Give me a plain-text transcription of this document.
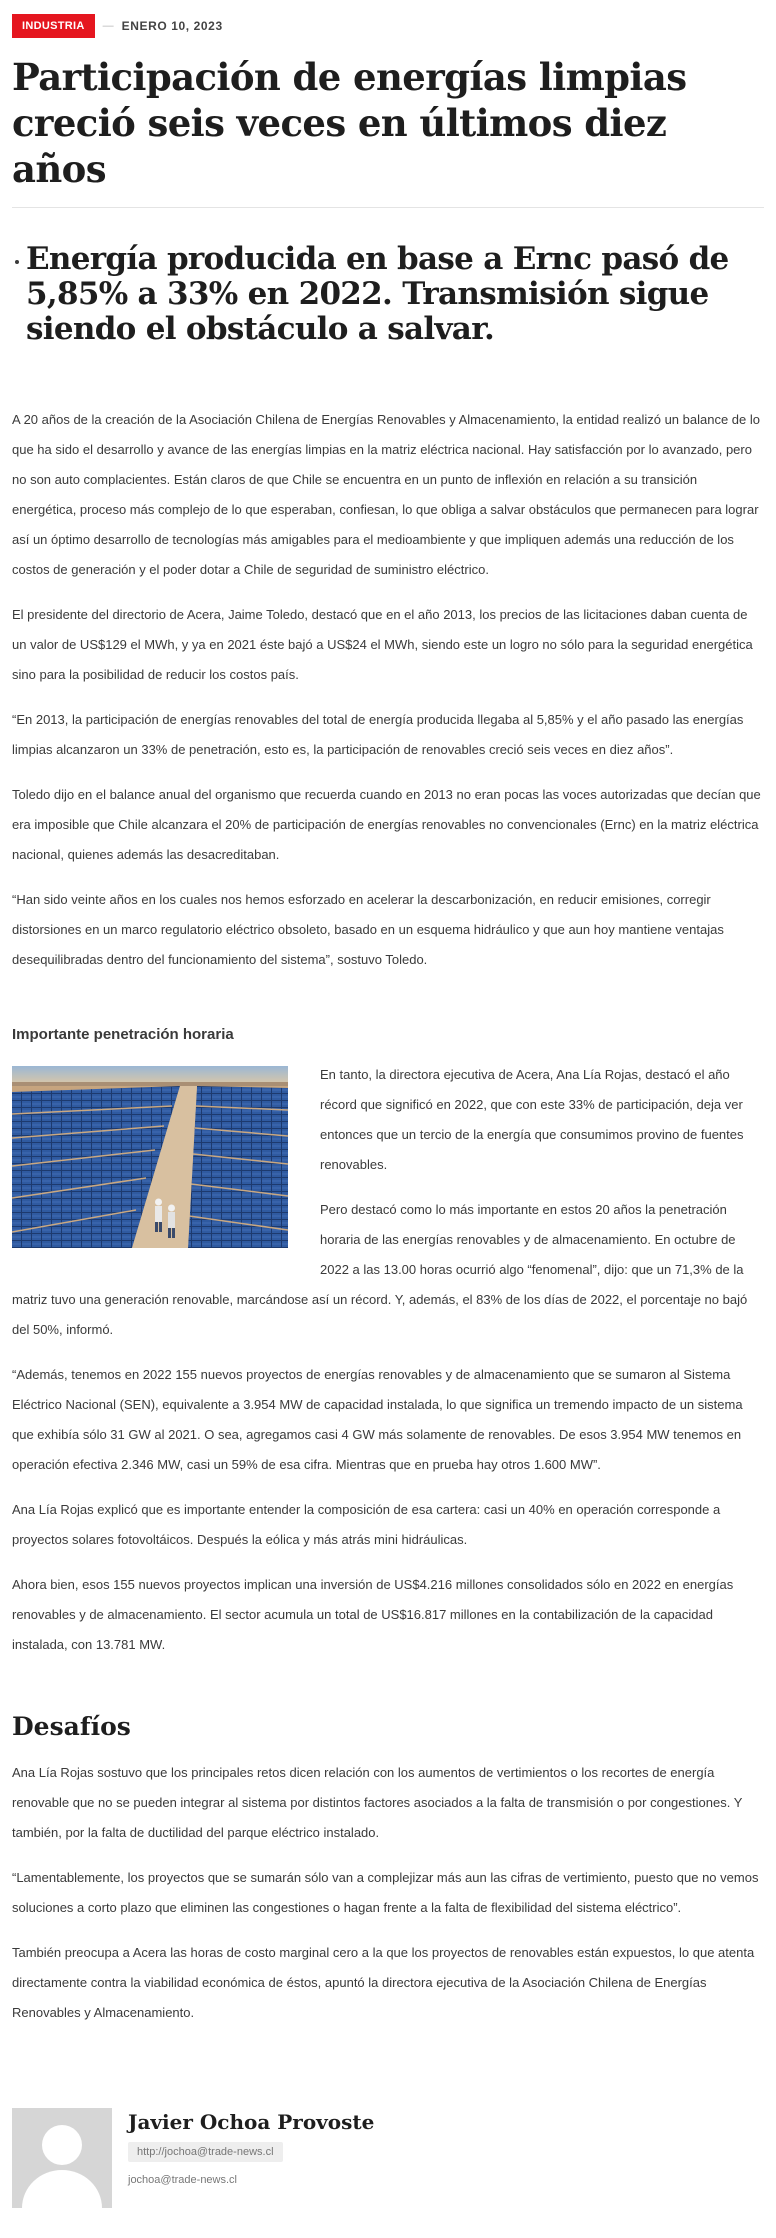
INDUSTRIA	— ENERO 10, 2023
Participación de energías limpias creció seis veces en últimos diez años
Energía producida en base a Ernc pasó de 5,85% a 33% en 2022. Transmisión sigue siendo el obstáculo a salvar.

A 20 años de la creación de la Asociación Chilena de Energías Renovables y Almacenamiento, la entidad realizó un balance de lo que ha sido el desarrollo y avance de las energías limpias en la matriz eléctrica nacional. Hay satisfacción por lo avanzado, pero no son auto complacientes. Están claros de que Chile se encuentra en un punto de inflexión en relación a su transición energética, proceso más complejo de lo que esperaban, confiesan, lo que obliga a salvar obstáculos que permanecen para lograr así un óptimo desarrollo de tecnologías más amigables para el medioambiente y que impliquen además una reducción de los costos de generación y el poder dotar a Chile de seguridad de suministro eléctrico.

El presidente del directorio de Acera, Jaime Toledo, destacó que en el año 2013, los precios de las licitaciones daban cuenta de un valor de US$129 el MWh, y ya en 2021 éste bajó a US$24 el MWh, siendo este un logro no sólo para la seguridad energética sino para la posibilidad de reducir los costos país.

“En 2013, la participación de energías renovables del total de energía producida llegaba al 5,85% y el año pasado las energías limpias alcanzaron un 33% de penetración, esto es, la participación de renovables creció seis veces en diez años”.

Toledo dijo en el balance anual del organismo que recuerda cuando en 2013 no eran pocas las voces autorizadas que decían que era imposible que Chile alcanzara el 20% de participación de energías renovables no convencionales (Ernc) en la matriz eléctrica nacional, quienes además las desacreditaban.

“Han sido veinte años en los cuales nos hemos esforzado en acelerar la descarbonización, en reducir emisiones, corregir distorsiones en un marco regulatorio eléctrico obsoleto, basado en un esquema hidráulico y que aun hoy mantiene ventajas desequilibradas dentro del funcionamiento del sistema”, sostuvo Toledo.

Importante penetración horaria

En tanto, la directora ejecutiva de Acera, Ana Lía Rojas, destacó el año récord que significó en 2022, que con este 33% de participación, deja ver entonces que un tercio de la energía que consumimos provino de fuentes renovables.

Pero destacó como lo más importante en estos 20 años la penetración horaria de las energías renovables y de almacenamiento. En octubre de 2022 a las 13.00 horas ocurrió algo “fenomenal”, dijo: que un 71,3% de la matriz tuvo una generación renovable, marcándose así un récord. Y, además, el 83% de los días de 2022, el porcentaje no bajó del 50%, informó.

“Además, tenemos en 2022 155 nuevos proyectos de energías renovables y de almacenamiento que se sumaron al Sistema Eléctrico Nacional (SEN), equivalente a 3.954 MW de capacidad instalada, lo que significa un tremendo impacto de un sistema que exhibía sólo 31 GW al 2021. O sea, agregamos casi 4 GW más solamente de renovables. De esos 3.954 MW tenemos en operación efectiva 2.346 MW, casi un 59% de esa cifra. Mientras que en prueba hay otros 1.600 MW”.

Ana Lía Rojas explicó que es importante entender la composición de esa cartera: casi un 40% en operación corresponde a proyectos solares fotovoltáicos. Después la eólica y más atrás mini hidráulicas.

Ahora bien, esos 155 nuevos proyectos implican una inversión de US$4.216 millones consolidados sólo en 2022 en energías renovables y de almacenamiento. El sector acumula un total de US$16.817 millones en la contabilización de la capacidad instalada, con 13.781 MW.

Desafíos

Ana Lía Rojas sostuvo que los principales retos dicen relación con los aumentos de vertimientos o los recortes de energía renovable que no se pueden integrar al sistema por distintos factores asociados a la falta de transmisión o por congestiones. Y también, por la falta de ductilidad del parque eléctrico instalado.

“Lamentablemente, los proyectos que se sumarán sólo van a complejizar más aun las cifras de vertimiento, puesto que no vemos soluciones a corto plazo que eliminen las congestiones o hagan frente a la falta de flexibilidad del sistema eléctrico”.

También preocupa a Acera las horas de costo marginal cero a la que los proyectos de renovables están expuestos, lo que atenta directamente contra la viabilidad económica de éstos, apuntó la directora ejecutiva de la Asociación Chilena de Energías Renovables y Almacenamiento.

Javier Ochoa Provoste
http://jochoa@trade-news.cl
jochoa@trade-news.cl
